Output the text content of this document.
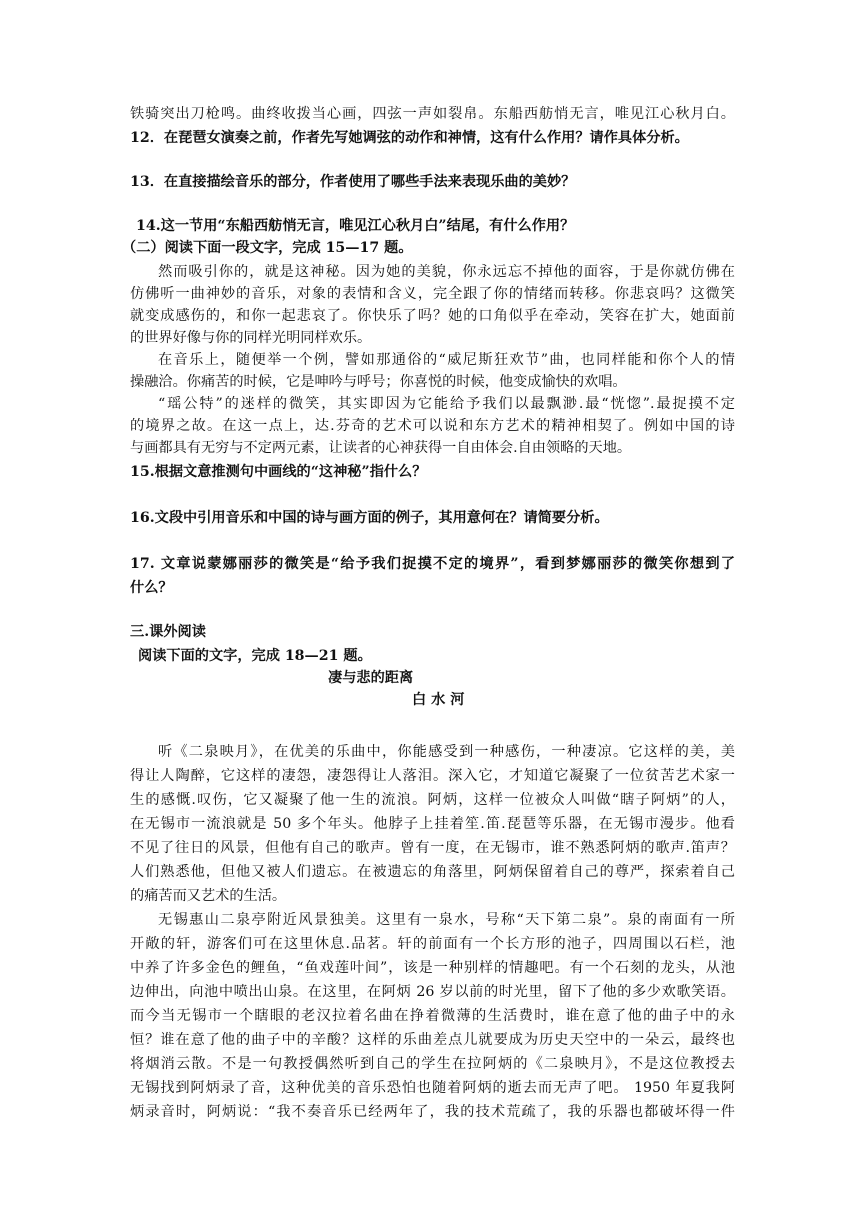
铁骑突出刀枪鸣。曲终收拨当心画，四弦一声如裂帛。东船西舫悄无言，唯见江心秋月白。
12．在琵琶女演奏之前，作者先写她调弦的动作和神情，这有什么作用？请作具体分析。
13．在直接描绘音乐的部分，作者使用了哪些手法来表现乐曲的美妙？
14.这一节用“东船西舫悄无言，唯见江心秋月白”结尾，有什么作用？
（二）阅读下面一段文字，完成 15—17 题。
然而吸引你的，就是这神秘。因为她的美貌，你永远忘不掉他的面容，于是你就仿佛在
仿佛听一曲神妙的音乐，对象的表情和含义，完全跟了你的情绪而转移。你悲哀吗？这微笑
就变成感伤的，和你一起悲哀了。你快乐了吗？她的口角似乎在牵动，笑容在扩大，她面前
的世界好像与你的同样光明同样欢乐。
在音乐上，随便举一个例，譬如那通俗的“威尼斯狂欢节”曲，也同样能和你个人的情
操融洽。你痛苦的时候，它是呻吟与呼号；你喜悦的时候，他变成愉快的欢唱。
“瑶公特”的迷样的微笑，其实即因为它能给予我们以最飘渺.最“恍惚”.最捉摸不定
的境界之故。在这一点上，达.芬奇的艺术可以说和东方艺术的精神相契了。例如中国的诗
与画都具有无穷与不定两元素，让读者的心神获得一自由体会.自由领略的天地。
15.根据文意推测句中画线的“这神秘”指什么？
16.文段中引用音乐和中国的诗与画方面的例子，其用意何在？请简要分析。
17. 文章说蒙娜丽莎的微笑是“给予我们捉摸不定的境界”，看到梦娜丽莎的微笑你想到了
什么？
三.课外阅读
阅读下面的文字，完成 18—21 题。
凄与悲的距离
白 水 河
听《二泉映月》，在优美的乐曲中，你能感受到一种感伤，一种凄凉。它这样的美，美
得让人陶醉，它这样的凄怨，凄怨得让人落泪。深入它，才知道它凝聚了一位贫苦艺术家一
生的感慨.叹伤，它又凝聚了他一生的流浪。阿炳，这样一位被众人叫做“瞎子阿炳”的人，
在无锡市一流浪就是 50 多个年头。他脖子上挂着笙.笛.琵琶等乐器，在无锡市漫步。他看
不见了往日的风景，但他有自己的歌声。曾有一度，在无锡市，谁不熟悉阿炳的歌声.笛声？
人们熟悉他，但他又被人们遗忘。在被遗忘的角落里，阿炳保留着自己的尊严，探索着自己
的痛苦而又艺术的生活。
无锡惠山二泉亭附近风景独美。这里有一泉水，号称“天下第二泉”。泉的南面有一所
开敞的轩，游客们可在这里休息.品茗。轩的前面有一个长方形的池子，四周围以石栏，池
中养了许多金色的鲤鱼，“鱼戏莲叶间”，该是一种别样的情趣吧。有一个石刻的龙头，从池
边伸出，向池中喷出山泉。在这里，在阿炳 26 岁以前的时光里，留下了他的多少欢歌笑语。
而今当无锡市一个瞎眼的老汉拉着名曲在挣着微薄的生活费时，谁在意了他的曲子中的永
恒？谁在意了他的曲子中的辛酸？这样的乐曲差点儿就要成为历史天空中的一朵云，最终也
将烟消云散。不是一句教授偶然听到自己的学生在拉阿炳的《二泉映月》，不是这位教授去
无锡找到阿炳录了音，这种优美的音乐恐怕也随着阿炳的逝去而无声了吧。 1950 年夏我阿
炳录音时，阿炳说：“我不奏音乐已经两年了，我的技术荒疏了，我的乐器也都破坏得一件
